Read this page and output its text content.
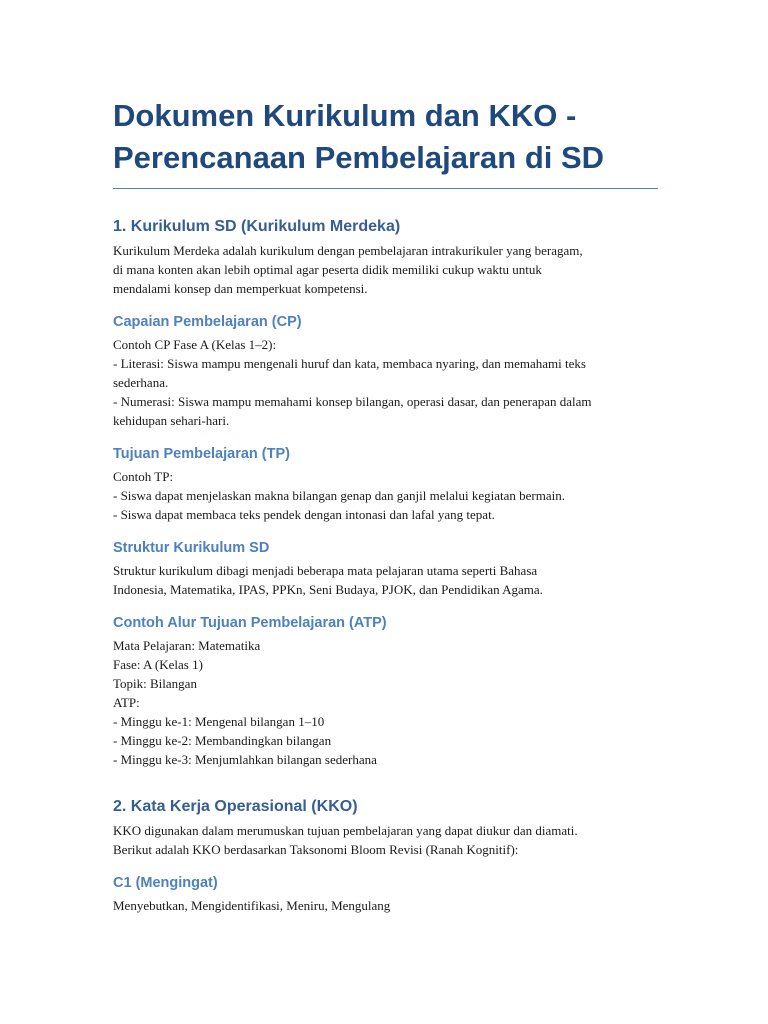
Dokumen Kurikulum dan KKO -
Perencanaan Pembelajaran di SD
1. Kurikulum SD (Kurikulum Merdeka)

Kurikulum Merdeka adalah kurikulum dengan pembelajaran intrakurikuler yang beragam,
di mana konten akan lebih optimal agar peserta didik memiliki cukup waktu untuk
mendalami konsep dan memperkuat kompetensi.

Capaian Pembelajaran (CP)

Contoh CP Fase A (Kelas 1–2):
- Literasi: Siswa mampu mengenali huruf dan kata, membaca nyaring, dan memahami teks
sederhana.
- Numerasi: Siswa mampu memahami konsep bilangan, operasi dasar, dan penerapan dalam
kehidupan sehari-hari.

Tujuan Pembelajaran (TP)

Contoh TP:
- Siswa dapat menjelaskan makna bilangan genap dan ganjil melalui kegiatan bermain.
- Siswa dapat membaca teks pendek dengan intonasi dan lafal yang tepat.

Struktur Kurikulum SD

Struktur kurikulum dibagi menjadi beberapa mata pelajaran utama seperti Bahasa
Indonesia, Matematika, IPAS, PPKn, Seni Budaya, PJOK, dan Pendidikan Agama.

Contoh Alur Tujuan Pembelajaran (ATP)

Mata Pelajaran: Matematika
Fase: A (Kelas 1)
Topik: Bilangan
ATP:
- Minggu ke-1: Mengenal bilangan 1–10
- Minggu ke-2: Membandingkan bilangan
- Minggu ke-3: Menjumlahkan bilangan sederhana

2. Kata Kerja Operasional (KKO)

KKO digunakan dalam merumuskan tujuan pembelajaran yang dapat diukur dan diamati.
Berikut adalah KKO berdasarkan Taksonomi Bloom Revisi (Ranah Kognitif):

C1 (Mengingat)

Menyebutkan, Mengidentifikasi, Meniru, Mengulang
